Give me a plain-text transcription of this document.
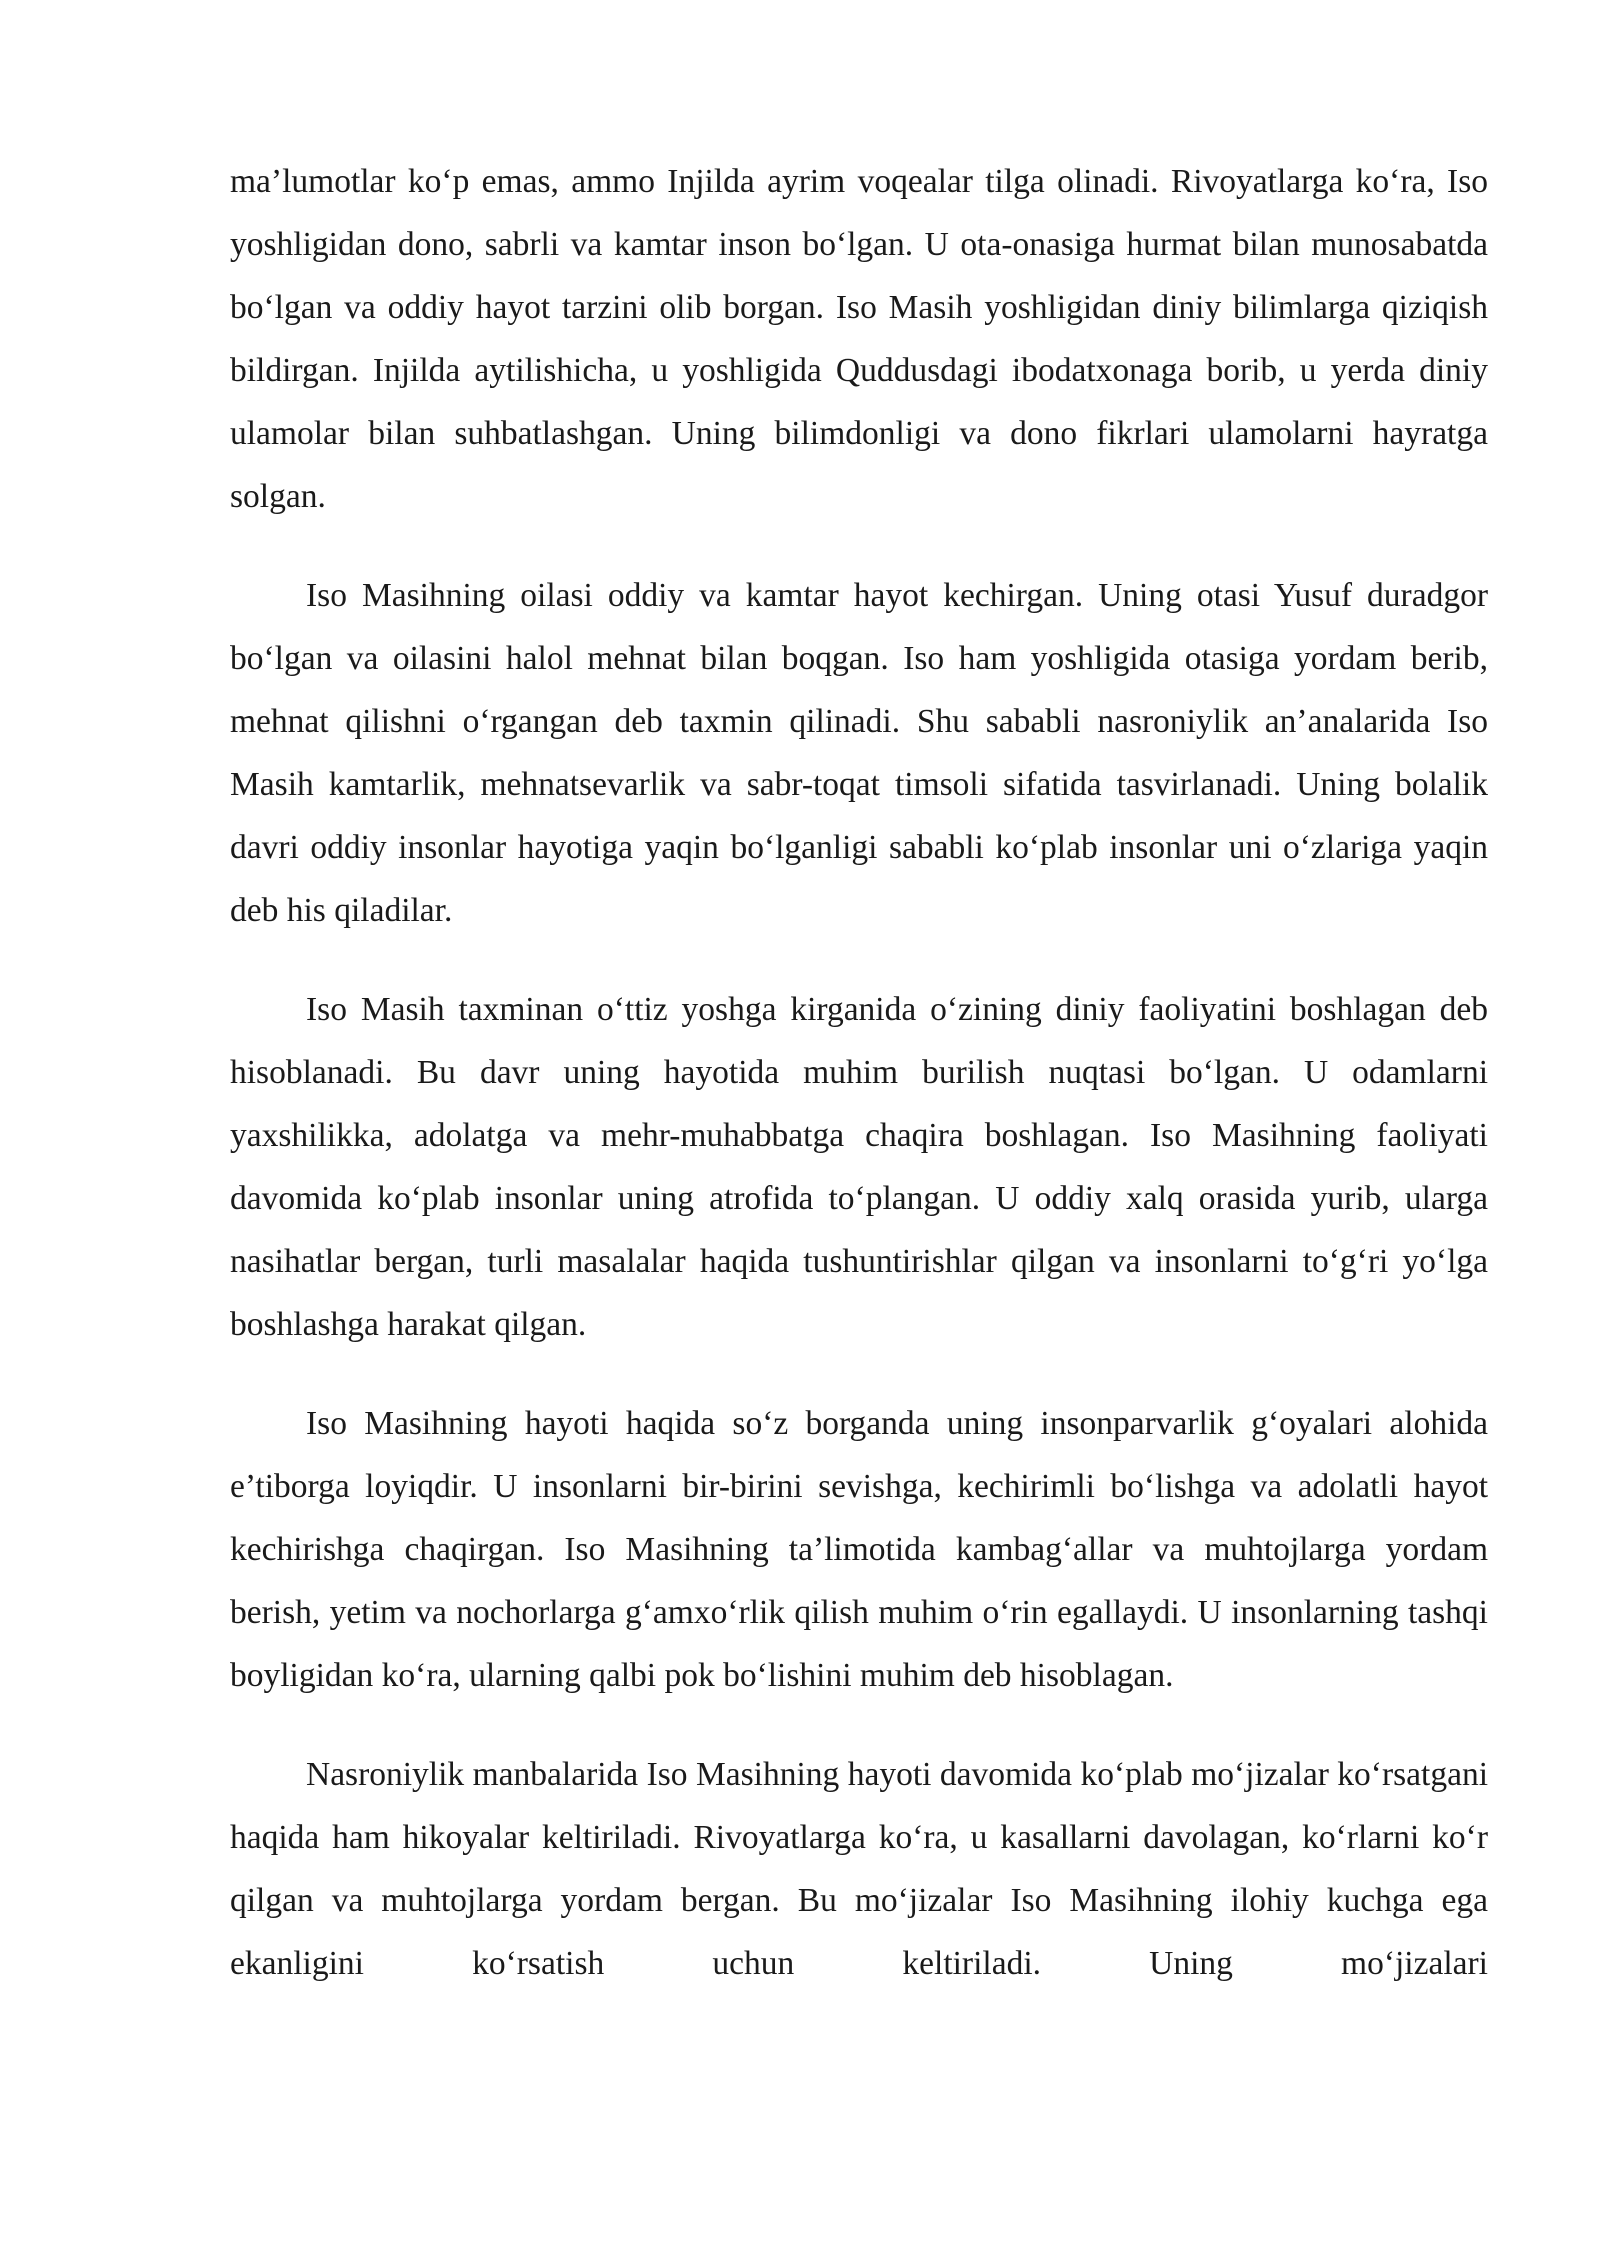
ma’lumotlar ko‘p emas, ammo Injilda ayrim voqealar tilga olinadi. Rivoyatlarga ko‘ra, Iso yoshligidan dono, sabrli va kamtar inson bo‘lgan. U ota-onasiga hurmat bilan munosabatda bo‘lgan va oddiy hayot tarzini olib borgan. Iso Masih yoshligidan diniy bilimlarga qiziqish bildirgan. Injilda aytilishicha, u yoshligida Quddusdagi ibodatxonaga borib, u yerda diniy ulamolar bilan suhbatlashgan. Uning bilimdonligi va dono fikrlari ulamolarni hayratga solgan.

Iso Masihning oilasi oddiy va kamtar hayot kechirgan. Uning otasi Yusuf duradgor bo‘lgan va oilasini halol mehnat bilan boqgan. Iso ham yoshligida otasiga yordam berib, mehnat qilishni o‘rgangan deb taxmin qilinadi. Shu sababli nasroniylik an’analarida Iso Masih kamtarlik, mehnatsevarlik va sabr-toqat timsoli sifatida tasvirlanadi. Uning bolalik davri oddiy insonlar hayotiga yaqin bo‘lganligi sababli ko‘plab insonlar uni o‘zlariga yaqin deb his qiladilar.

Iso Masih taxminan o‘ttiz yoshga kirganida o‘zining diniy faoliyatini boshlagan deb hisoblanadi. Bu davr uning hayotida muhim burilish nuqtasi bo‘lgan. U odamlarni yaxshilikka, adolatga va mehr-muhabbatga chaqira boshlagan. Iso Masihning faoliyati davomida ko‘plab insonlar uning atrofida to‘plangan. U oddiy xalq orasida yurib, ularga nasihatlar bergan, turli masalalar haqida tushuntirishlar qilgan va insonlarni to‘g‘ri yo‘lga boshlashga harakat qilgan.

Iso Masihning hayoti haqida so‘z borganda uning insonparvarlik g‘oyalari alohida e’tiborga loyiqdir. U insonlarni bir-birini sevishga, kechirimli bo‘lishga va adolatli hayot kechirishga chaqirgan. Iso Masihning ta’limotida kambag‘allar va muhtojlarga yordam berish, yetim va nochorlarga g‘amxo‘rlik qilish muhim o‘rin egallaydi. U insonlarning tashqi boyligidan ko‘ra, ularning qalbi pok bo‘lishini muhim deb hisoblagan.

Nasroniylik manbalarida Iso Masihning hayoti davomida ko‘plab mo‘jizalar ko‘rsatgani haqida ham hikoyalar keltiriladi. Rivoyatlarga ko‘ra, u kasallarni davolagan, ko‘rlarni ko‘r qilgan va muhtojlarga yordam bergan. Bu mo‘jizalar Iso Masihning ilohiy kuchga ega ekanligini ko‘rsatish uchun keltiriladi. Uning mo‘jizalari
